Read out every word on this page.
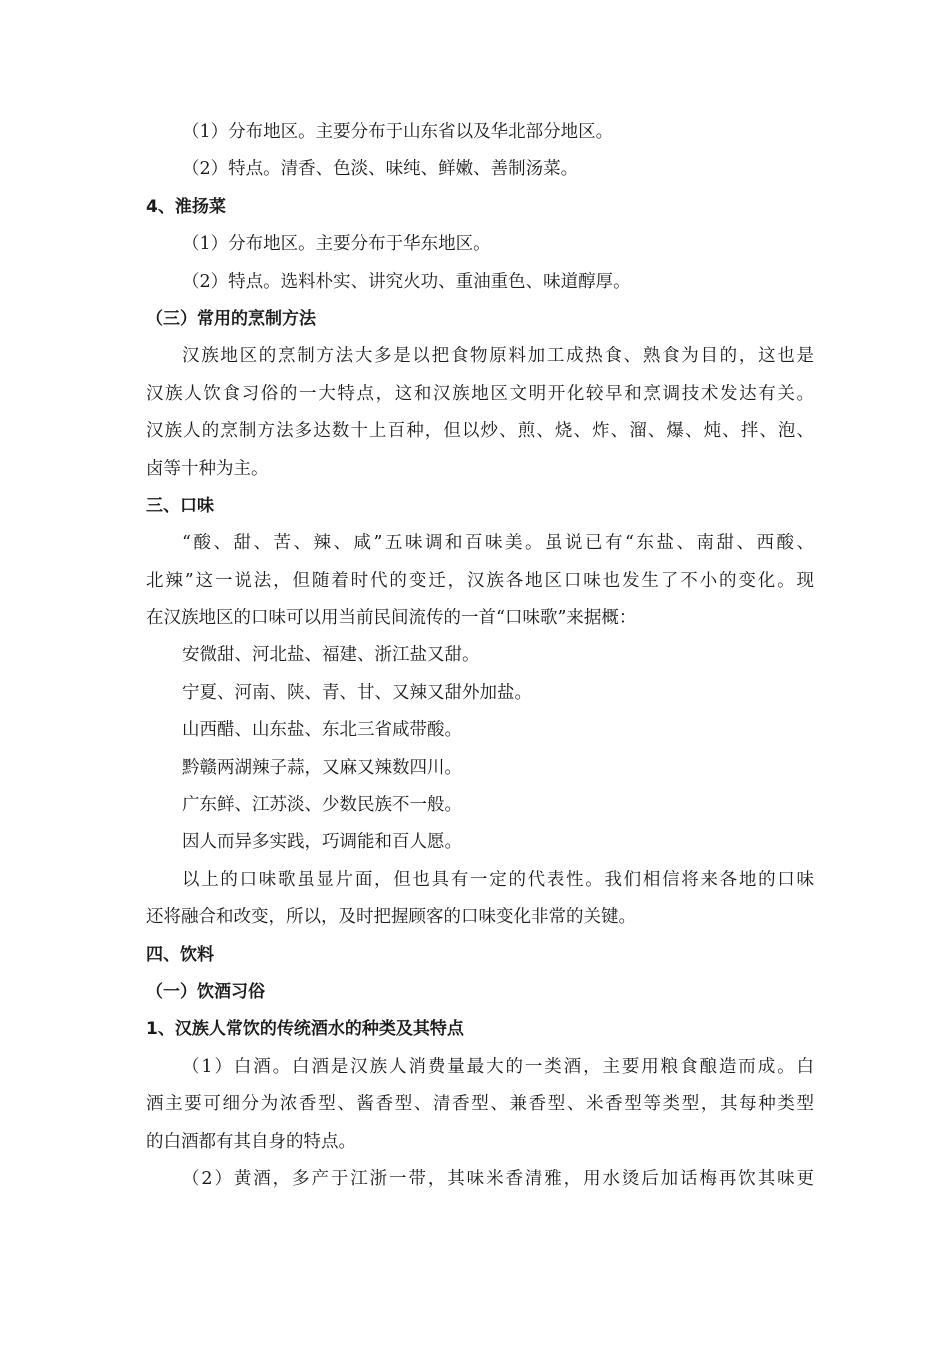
（1）分布地区。主要分布于山东省以及华北部分地区。
（2）特点。清香、色淡、味纯、鲜嫩、善制汤菜。
4、淮扬菜
（1）分布地区。主要分布于华东地区。
（2）特点。选料朴实、讲究火功、重油重色、味道醇厚。
（三）常用的烹制方法
汉族地区的烹制方法大多是以把食物原料加工成热食、熟食为目的，这也是
汉族人饮食习俗的一大特点，这和汉族地区文明开化较早和烹调技术发达有关。
汉族人的烹制方法多达数十上百种，但以炒、煎、烧、炸、溜、爆、炖、拌、泡、
卤等十种为主。
三、口味
“酸、甜、苦、辣、咸”五味调和百味美。虽说已有“东盐、南甜、西酸、
北辣”这一说法，但随着时代的变迁，汉族各地区口味也发生了不小的变化。现
在汉族地区的口味可以用当前民间流传的一首“口味歌”来据概：
安微甜、河北盐、福建、浙江盐又甜。
宁夏、河南、陕、青、甘、又辣又甜外加盐。
山西醋、山东盐、东北三省咸带酸。
黔赣两湖辣子蒜，又麻又辣数四川。
广东鲜、江苏淡、少数民族不一般。
因人而异多实践，巧调能和百人愿。
以上的口味歌虽显片面，但也具有一定的代表性。我们相信将来各地的口味
还将融合和改变，所以，及时把握顾客的口味变化非常的关键。
四、饮料
（一）饮酒习俗
1、汉族人常饮的传统酒水的种类及其特点
（1）白酒。白酒是汉族人消费量最大的一类酒，主要用粮食酿造而成。白
酒主要可细分为浓香型、酱香型、清香型、兼香型、米香型等类型，其每种类型
的白酒都有其自身的特点。
（2）黄酒，多产于江浙一带，其味米香清雅，用水烫后加话梅再饮其味更
